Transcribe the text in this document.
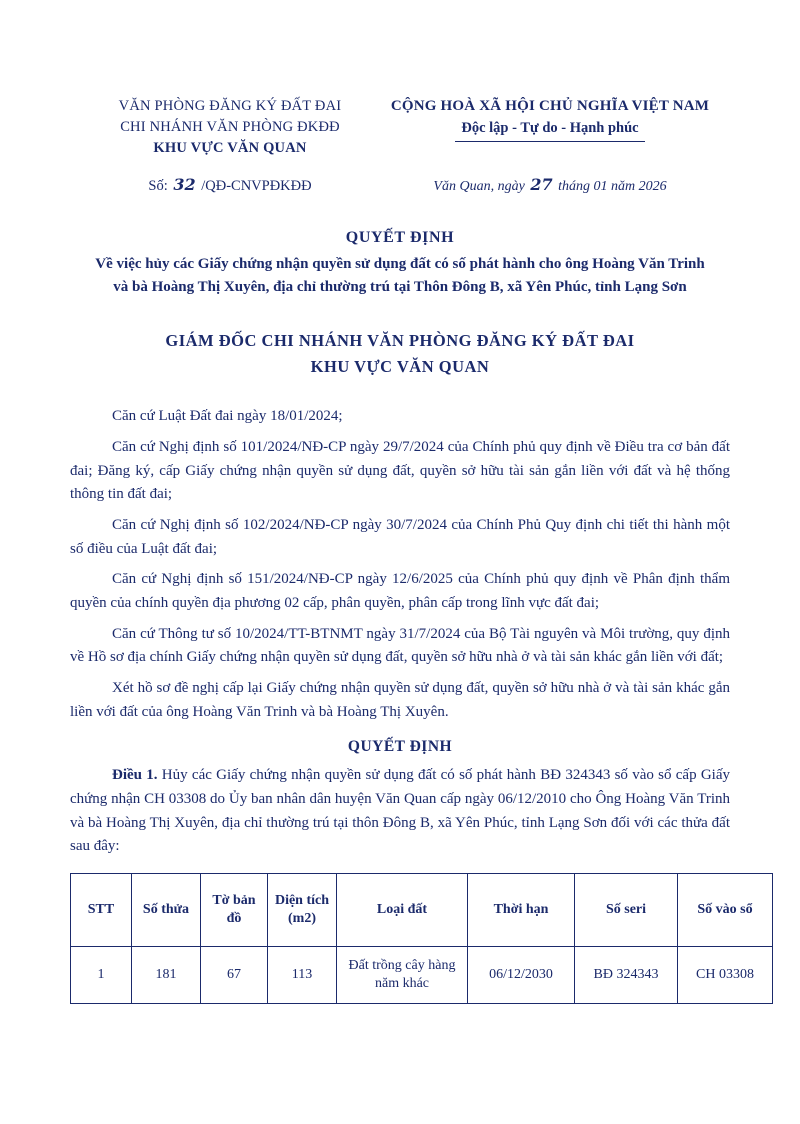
VĂN PHÒNG ĐĂNG KÝ ĐẤT ĐAI
CHI NHÁNH VĂN PHÒNG ĐKĐĐ
KHU VỰC VĂN QUAN
CỘNG HOÀ XÃ HỘI CHỦ NGHĨA VIỆT NAM
Độc lập - Tự do - Hạnh phúc
Số: 32 /QĐ-CNVPĐKĐĐ	Văn Quan, ngày 27 tháng 01 năm 2026
QUYẾT ĐỊNH
Về việc hủy các Giấy chứng nhận quyền sử dụng đất có số phát hành cho ông Hoàng Văn Trinh và bà Hoàng Thị Xuyên, địa chỉ thường trú tại Thôn Đông B, xã Yên Phúc, tỉnh Lạng Sơn
GIÁM ĐỐC CHI NHÁNH VĂN PHÒNG ĐĂNG KÝ ĐẤT ĐAI
KHU VỰC VĂN QUAN

Căn cứ Luật Đất đai ngày 18/01/2024;

Căn cứ Nghị định số 101/2024/NĐ-CP ngày 29/7/2024 của Chính phủ quy định về Điều tra cơ bản đất đai; Đăng ký, cấp Giấy chứng nhận quyền sử dụng đất, quyền sở hữu tài sản gắn liền với đất và hệ thống thông tin đất đai;

Căn cứ Nghị định số 102/2024/NĐ-CP ngày 30/7/2024 của Chính Phủ Quy định chi tiết thi hành một số điều của Luật đất đai;

Căn cứ Nghị định số 151/2024/NĐ-CP ngày 12/6/2025 của Chính phủ quy định về Phân định thẩm quyền của chính quyền địa phương 02 cấp, phân quyền, phân cấp trong lĩnh vực đất đai;

Căn cứ Thông tư số 10/2024/TT-BTNMT ngày 31/7/2024 của Bộ Tài nguyên và Môi trường, quy định về Hồ sơ địa chính Giấy chứng nhận quyền sử dụng đất, quyền sở hữu nhà ở và tài sản khác gắn liền với đất;

Xét hồ sơ đề nghị cấp lại Giấy chứng nhận quyền sử dụng đất, quyền sở hữu nhà ở và tài sản khác gắn liền với đất của ông Hoàng Văn Trinh và bà Hoàng Thị Xuyên.

QUYẾT ĐỊNH

Điều 1. Hủy các Giấy chứng nhận quyền sử dụng đất có số phát hành BĐ 324343 số vào sổ cấp Giấy chứng nhận CH 03308 do Ủy ban nhân dân huyện Văn Quan cấp ngày 06/12/2010 cho Ông Hoàng Văn Trinh và bà Hoàng Thị Xuyên, địa chỉ thường trú tại thôn Đông B, xã Yên Phúc, tỉnh Lạng Sơn đối với các thửa đất sau đây:

STT	Số thửa	Tờ bản đồ	Diện tích (m2)	Loại đất	Thời hạn	Số seri	Số vào sổ
1	181	67	113	Đất trồng cây hàng năm khác	06/12/2030	BĐ 324343	CH 03308
